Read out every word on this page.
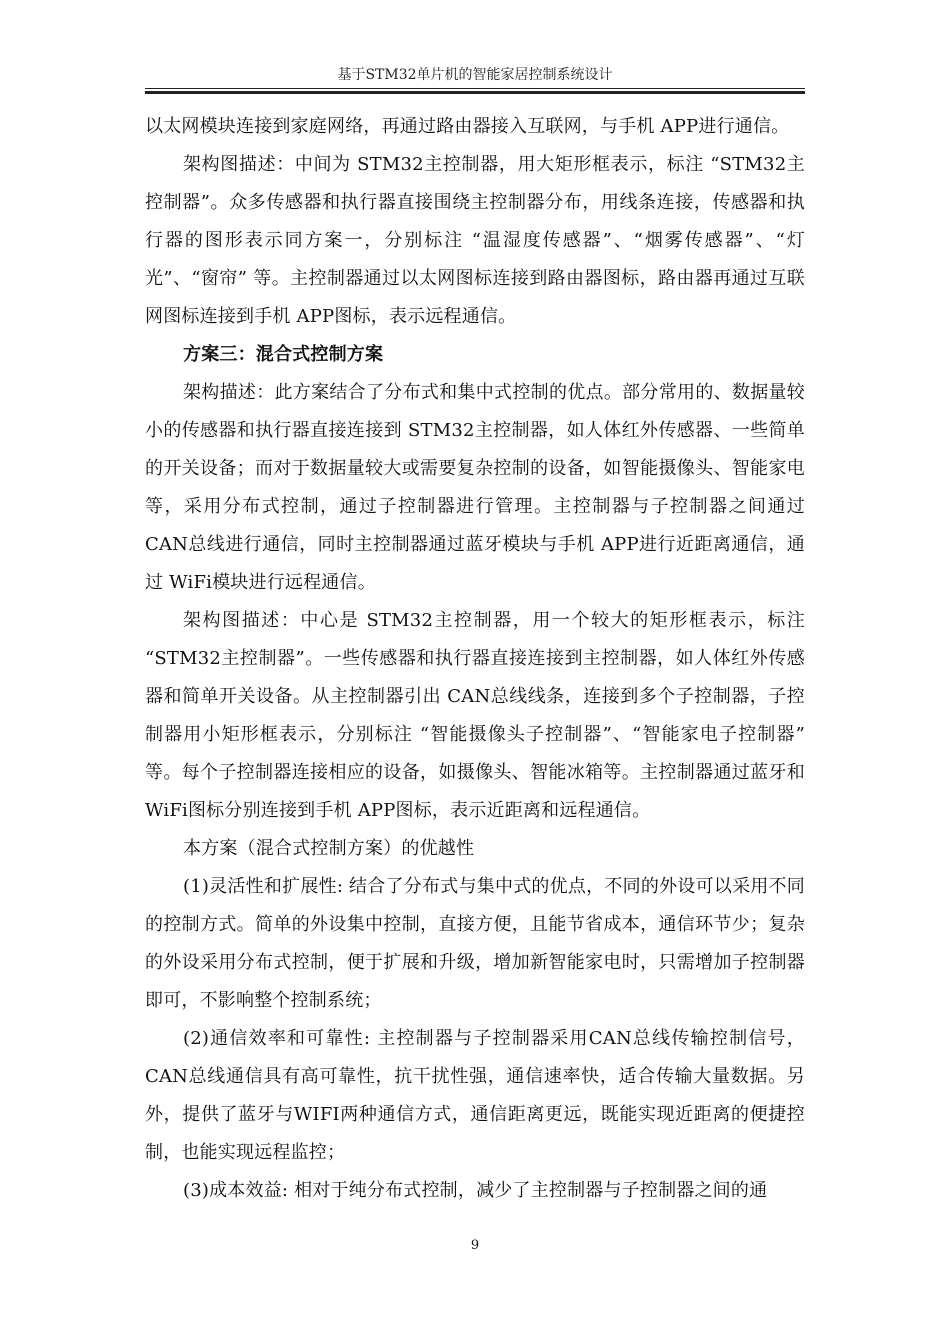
基于STM32单片机的智能家居控制系统设计

以太网模块连接到家庭网络，再通过路由器接入互联网，与手机 APP进行通信。

架构图描述：中间为 STM32主控制器，用大矩形框表示，标注 “STM32主控制器”。众多传感器和执行器直接围绕主控制器分布，用线条连接，传感器和执行器的图形表示同方案一，分别标注 “温湿度传感器”、“烟雾传感器”、“灯光”、“窗帘” 等。主控制器通过以太网图标连接到路由器图标，路由器再通过互联网图标连接到手机 APP图标，表示远程通信。

方案三：混合式控制方案

架构描述：此方案结合了分布式和集中式控制的优点。部分常用的、数据量较小的传感器和执行器直接连接到 STM32主控制器，如人体红外传感器、一些简单的开关设备；而对于数据量较大或需要复杂控制的设备，如智能摄像头、智能家电等，采用分布式控制，通过子控制器进行管理。主控制器与子控制器之间通过 CAN总线进行通信，同时主控制器通过蓝牙模块与手机 APP进行近距离通信，通过 WiFi模块进行远程通信。

架构图描述：中心是 STM32主控制器，用一个较大的矩形框表示，标注 “STM32主控制器”。一些传感器和执行器直接连接到主控制器，如人体红外传感器和简单开关设备。从主控制器引出 CAN总线线条，连接到多个子控制器，子控制器用小矩形框表示，分别标注 “智能摄像头子控制器”、“智能家电子控制器” 等。每个子控制器连接相应的设备，如摄像头、智能冰箱等。主控制器通过蓝牙和 WiFi图标分别连接到手机 APP图标，表示近距离和远程通信。

本方案（混合式控制方案）的优越性

(1)灵活性和扩展性: 结合了分布式与集中式的优点，不同的外设可以采用不同的控制方式。简单的外设集中控制，直接方便，且能节省成本，通信环节少；复杂的外设采用分布式控制，便于扩展和升级，增加新智能家电时，只需增加子控制器即可，不影响整个控制系统；

(2)通信效率和可靠性: 主控制器与子控制器采用CAN总线传输控制信号，CAN总线通信具有高可靠性，抗干扰性强，通信速率快，适合传输大量数据。另外，提供了蓝牙与WIFI两种通信方式，通信距离更远，既能实现近距离的便捷控制，也能实现远程监控；

(3)成本效益: 相对于纯分布式控制，减少了主控制器与子控制器之间的通

9
